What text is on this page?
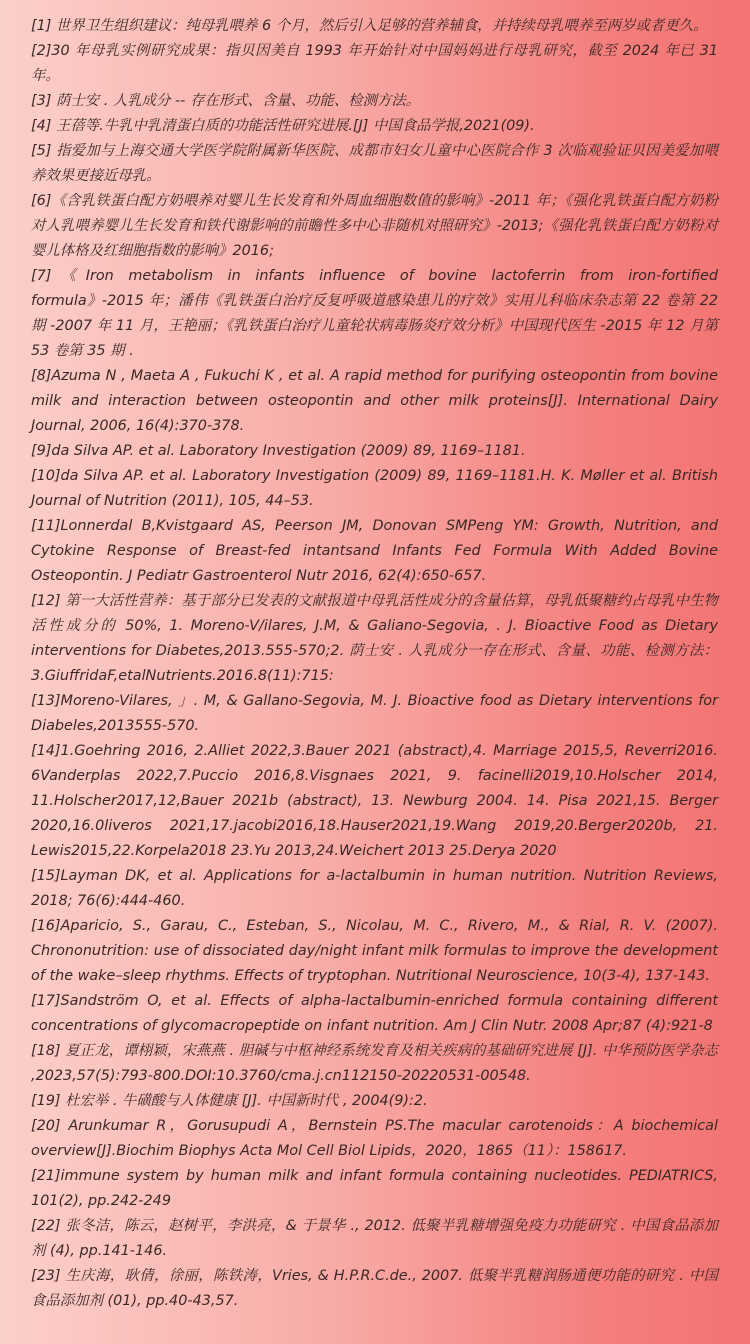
[1] 世界卫生组织建议：纯母乳喂养 6 个月，然后引入足够的营养辅食，并持续母乳喂养至两岁或者更久。

[2]30 年母乳实例研究成果：指贝因美自 1993 年开始针对中国妈妈进行母乳研究，截至 2024 年已 31 年。

[3] 荫士安 . 人乳成分 -- 存在形式、含量、功能、检测方法。

[4] 王蓓等.牛乳中乳清蛋白质的功能活性研究进展.[J] 中国食品学报,2021(09).

[5] 指爱加与上海交通大学医学院附属新华医院、成都市妇女儿童中心医院合作 3 次临观验证贝因美爱加喂养效果更接近母乳。

[6]《含乳铁蛋白配方奶喂养对婴儿生长发育和外周血细胞数值的影响》-2011 年；《强化乳铁蛋白配方奶粉对人乳喂养婴儿生长发育和铁代谢影响的前瞻性多中心非随机对照研究》-2013;《强化乳铁蛋白配方奶粉对婴儿体格及红细胞指数的影响》2016;

[7]《Iron metabolism in infants influence of bovine lactoferrin from iron-fortified formula》-2015 年；潘伟《乳铁蛋白治疗反复呼吸道感染患儿的疗效》实用儿科临床杂志第 22 卷第 22 期 -2007 年 11 月，王艳丽；《乳铁蛋白治疗儿童轮状病毒肠炎疗效分析》中国现代医生 -2015 年 12 月第 53 卷第 35 期 .

[8]Azuma N , Maeta A , Fukuchi K , et al. A rapid method for purifying osteopontin from bovine milk and interaction between osteopontin and other milk proteins[J]. International Dairy Journal, 2006, 16(4):370-378.

[9]da Silva AP. et al. Laboratory Investigation (2009) 89, 1169–1181.

[10]da Silva AP. et al. Laboratory Investigation (2009) 89, 1169–1181.H. K. Møller et al. British Journal of Nutrition (2011), 105, 44–53.

[11]Lonnerdal B,Kvistgaard AS, Peerson JM, Donovan SMPeng YM: Growth, Nutrition, and Cytokine Response of Breast-fed intantsand Infants Fed Formula With Added Bovine Osteopontin. J Pediatr Gastroenterol Nutr 2016, 62(4):650-657.

[12] 第一大活性营养：基于部分已发表的文献报道中母乳活性成分的含量估算，母乳低聚糖约占母乳中生物活性成分的 50%, 1. Moreno-V/ilares, J.M, & Galiano-Segovia, . J. Bioactive Food as Dietary interventions for Diabetes,2013.555-570;2. 荫士安 . 人乳成分一存在形式、含量、功能、检测方法：3.GiuffridaF,etalNutrients.2016.8(11):715:

[13]Moreno-Vilares, 」. M, & Gallano-Segovia, M. J. Bioactive food as Dietary interventions for Diabeles,2013555-570.

[14]1.Goehring 2016, 2.Alliet 2022,3.Bauer 2021 (abstract),4. Marriage 2015,5, Reverri2016. 6Vanderplas 2022,7.Puccio 2016,8.Visgnaes 2021, 9. facinelli2019,10.Holscher 2014, 11.Holscher2017,12,Bauer 2021b (abstract), 13. Newburg 2004. 14. Pisa 2021,15. Berger 2020,16.0liveros 2021,17.jacobi2016,18.Hauser2021,19.Wang 2019,20.Berger2020b, 21. Lewis2015,22.Korpela2018 23.Yu 2013,24.Weichert 2013 25.Derya 2020

[15]Layman DK, et al. Applications for a-lactalbumin in human nutrition. Nutrition Reviews, 2018; 76(6):444-460.

[16]Aparicio, S., Garau, C., Esteban, S., Nicolau, M. C., Rivero, M., & Rial, R. V. (2007). Chrononutrition: use of dissociated day/night infant milk formulas to improve the development of the wake–sleep rhythms. Effects of tryptophan. Nutritional Neuroscience, 10(3-4), 137-143.

[17]Sandström O, et al. Effects of alpha-lactalbumin-enriched formula containing different concentrations of glycomacropeptide on infant nutrition. Am J Clin Nutr. 2008 Apr;87 (4):921-8

[18] 夏正龙，谭栩颖，宋燕燕 . 胆碱与中枢神经系统发育及相关疾病的基础研究进展 [J]. 中华预防医学杂志 ,2023,57(5):793-800.DOI:10.3760/cma.j.cn112150-20220531-00548.

[19] 杜宏举 . 牛磺酸与人体健康 [J]. 中国新时代 , 2004(9):2.

[20] Arunkumar R，Gorusupudi A，Bernstein PS.The macular carotenoids：A biochemical overview[J].Biochim Biophys Acta Mol Cell Biol Lipids，2020，1865（11）：158617.

[21]immune system by human milk and infant formula containing nucleotides. PEDIATRICS, 101(2), pp.242-249

[22] 张冬洁，陈云，赵树平，李洪亮，& 于景华 ., 2012. 低聚半乳糖增强免疫力功能研究 . 中国食品添加剂 (4), pp.141-146.

[23] 生庆海，耿倩，徐丽，陈铁涛，Vries, & H.P.R.C.de., 2007. 低聚半乳糖润肠通便功能的研究 . 中国食品添加剂 (01), pp.40-43,57.
